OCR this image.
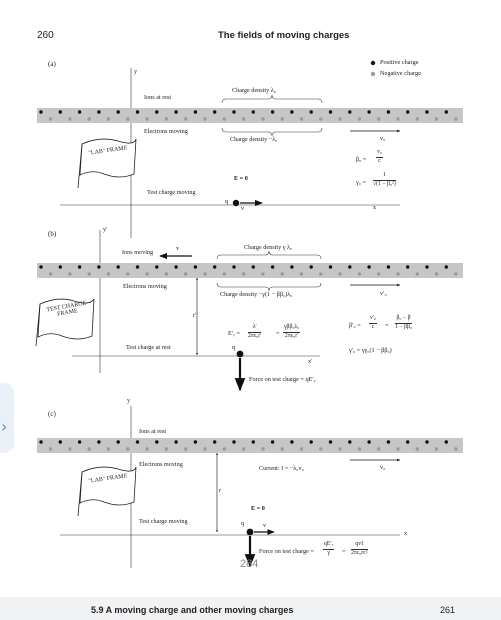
260	The fields of moving charges
Positive charge
Negative charge
(a)
y
x
Ions at rest
Charge density λ₀
Electrons moving
Charge density −λ₀	v₀
"LAB" FRAME
E = 0
Test charge moving
q
v
$\beta_0 = \frac{\text{v₀}}{c}$
$\gamma_0 = \frac{1}{\text{√(1 − β₀²)}}$
(b)
y′
x′
Ions moving
v	Charge density γ λ₀
Electrons moving
Charge density −γ(1 − ββ₀)λ₀	v′₀
TEST CHARGE FRAME	r′
E′ᵧ = $\frac{\lambda'}{\text{2πε₀r′}}$ =
γββ₀λ₀
2πε₀r′
Test charge at rest	q
$\beta'_0 = \frac{\text{v′₀}}{c} = \frac{\text{β₀ − β}}{\text{1 − ββ₀}}$
γ′₀ = γγ₀(1 − ββ₀)
Force on test charge = qE′ᵧ
(c)
y
x
Ions at rest
Electrons moving
Current: I = −λ₀v₀	v₀
"LAB" FRAME
r
E = 0
Test charge moving	q	v
Force on test charge = $\frac{\text{qE′ᵧ}}{\gamma}$ =
qvI
2πε₀rc²
284
›
5.9 A moving charge and other moving charges	261
